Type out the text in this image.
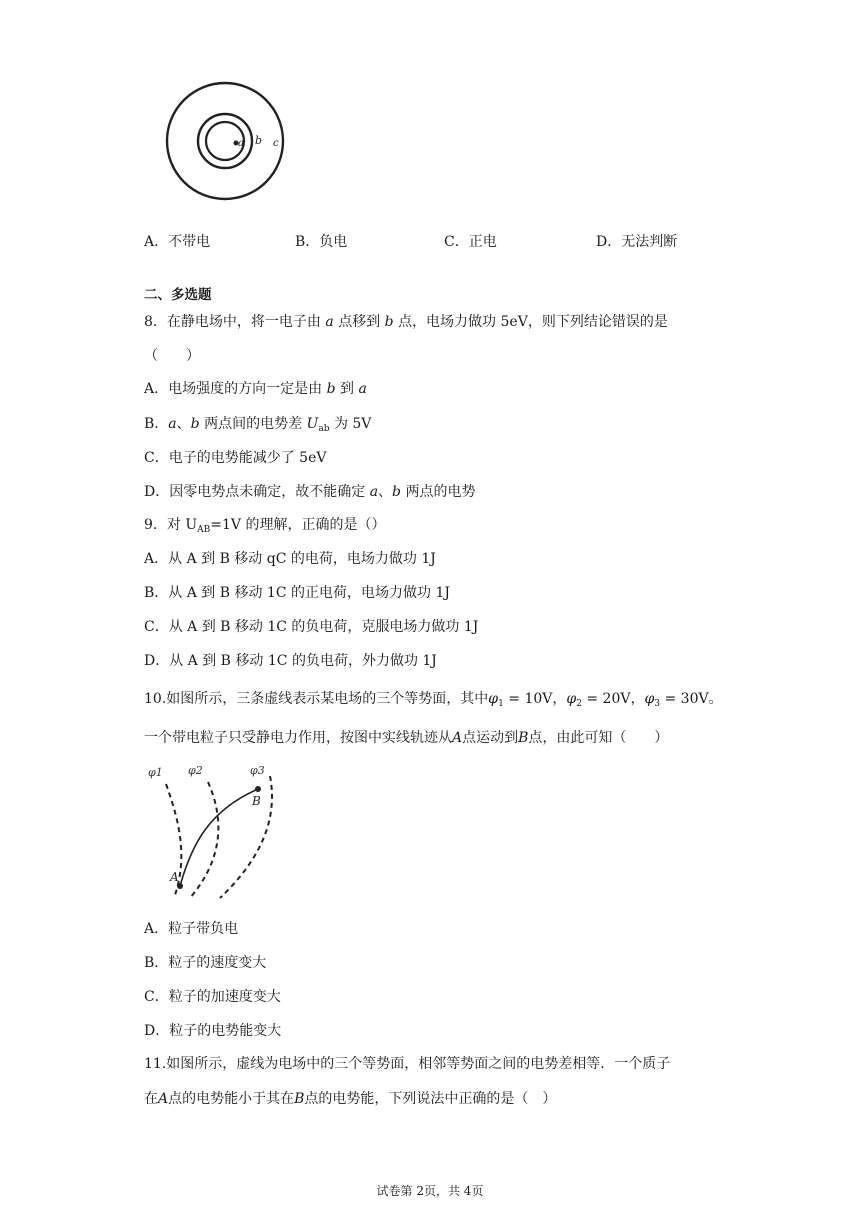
a b c
A．不带电	B．负电	C．正电	D．无法判断
二、多选题
8．在静电场中，将一电子由 a 点移到 b 点，电场力做功 5eV，则下列结论错误的是
（　　）
A．电场强度的方向一定是由 b 到 a
B．a、b 两点间的电势差 $U_{ab}$ 为 5V
C．电子的电势能减少了 5eV
D．因零电势点未确定，故不能确定 a、b 两点的电势
9．对 $U_{AB}=1V$ 的理解，正确的是（）
A．从 A 到 B 移动 qC 的电荷，电场力做功 1J
B．从 A 到 B 移动 1C 的正电荷，电场力做功 1J
C．从 A 到 B 移动 1C 的负电荷，克服电场力做功 1J
D．从 A 到 B 移动 1C 的负电荷，外力做功 1J
10.如图所示，三条虚线表示某电场的三个等势面，其中$\varphi_1 = 10V$，$\varphi_2 = 20V$，$\varphi_3 = 30V$。
一个带电粒子只受静电力作用，按图中实线轨迹从A点运动到B点，由此可知（　　）
φ1 φ2	φ3
A
B
A．粒子带负电
B．粒子的速度变大
C．粒子的加速度变大
D．粒子的电势能变大
11.如图所示，虚线为电场中的三个等势面，相邻等势面之间的电势差相等．一个质子
在A点的电势能小于其在B点的电势能，下列说法中正确的是（　）
试卷第 2页，共 4页
